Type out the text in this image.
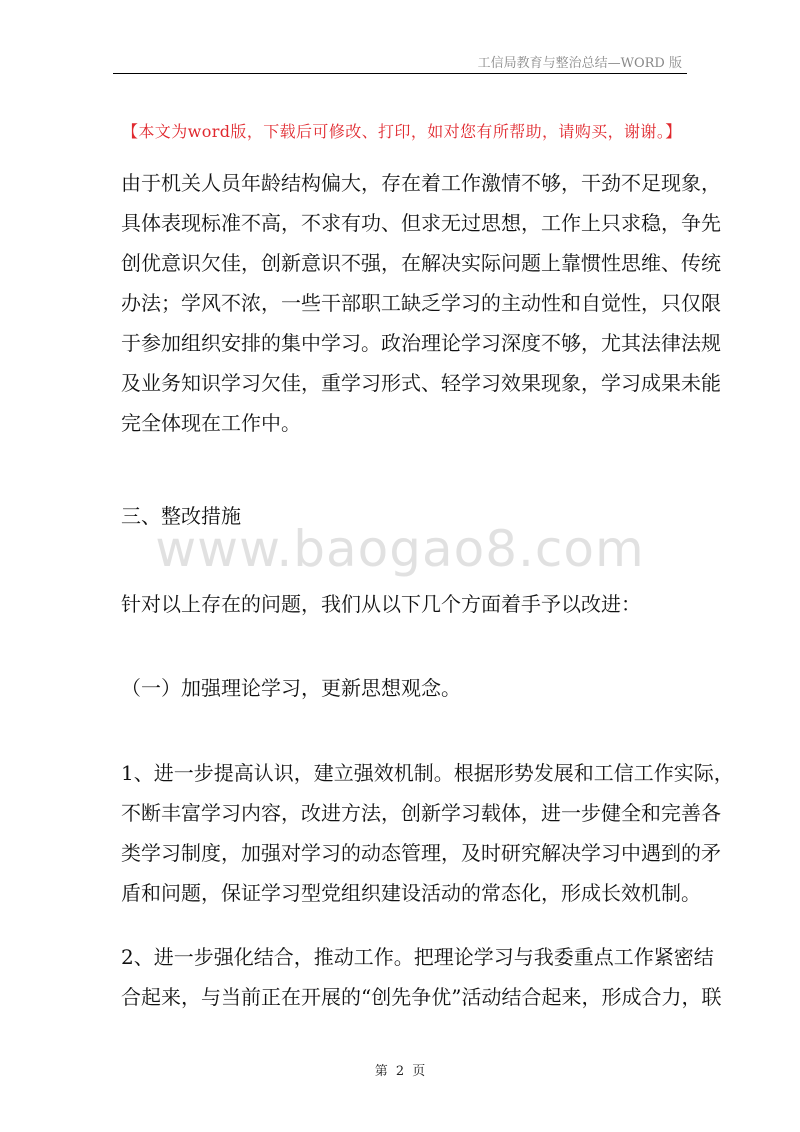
工信局教育与整治总结—WORD 版
【本文为word版，下载后可修改、打印，如对您有所帮助，请购买，谢谢。】
由于机关人员年龄结构偏大，存在着工作激情不够，干劲不足现象，
具体表现标准不高，不求有功、但求无过思想，工作上只求稳，争先
创优意识欠佳，创新意识不强，在解决实际问题上靠惯性思维、传统
办法；学风不浓，一些干部职工缺乏学习的主动性和自觉性，只仅限
于参加组织安排的集中学习。政治理论学习深度不够，尤其法律法规
及业务知识学习欠佳，重学习形式、轻学习效果现象，学习成果未能
完全体现在工作中。
三、整改措施
www.baogao8.com
针对以上存在的问题，我们从以下几个方面着手予以改进：
（一）加强理论学习，更新思想观念。
1、进一步提高认识，建立强效机制。根据形势发展和工信工作实际，
不断丰富学习内容，改进方法，创新学习载体，进一步健全和完善各
类学习制度，加强对学习的动态管理，及时研究解决学习中遇到的矛
盾和问题，保证学习型党组织建设活动的常态化，形成长效机制。
2、进一步强化结合，推动工作。把理论学习与我委重点工作紧密结
合起来，与当前正在开展的“创先争优”活动结合起来，形成合力，联
第 2 页
